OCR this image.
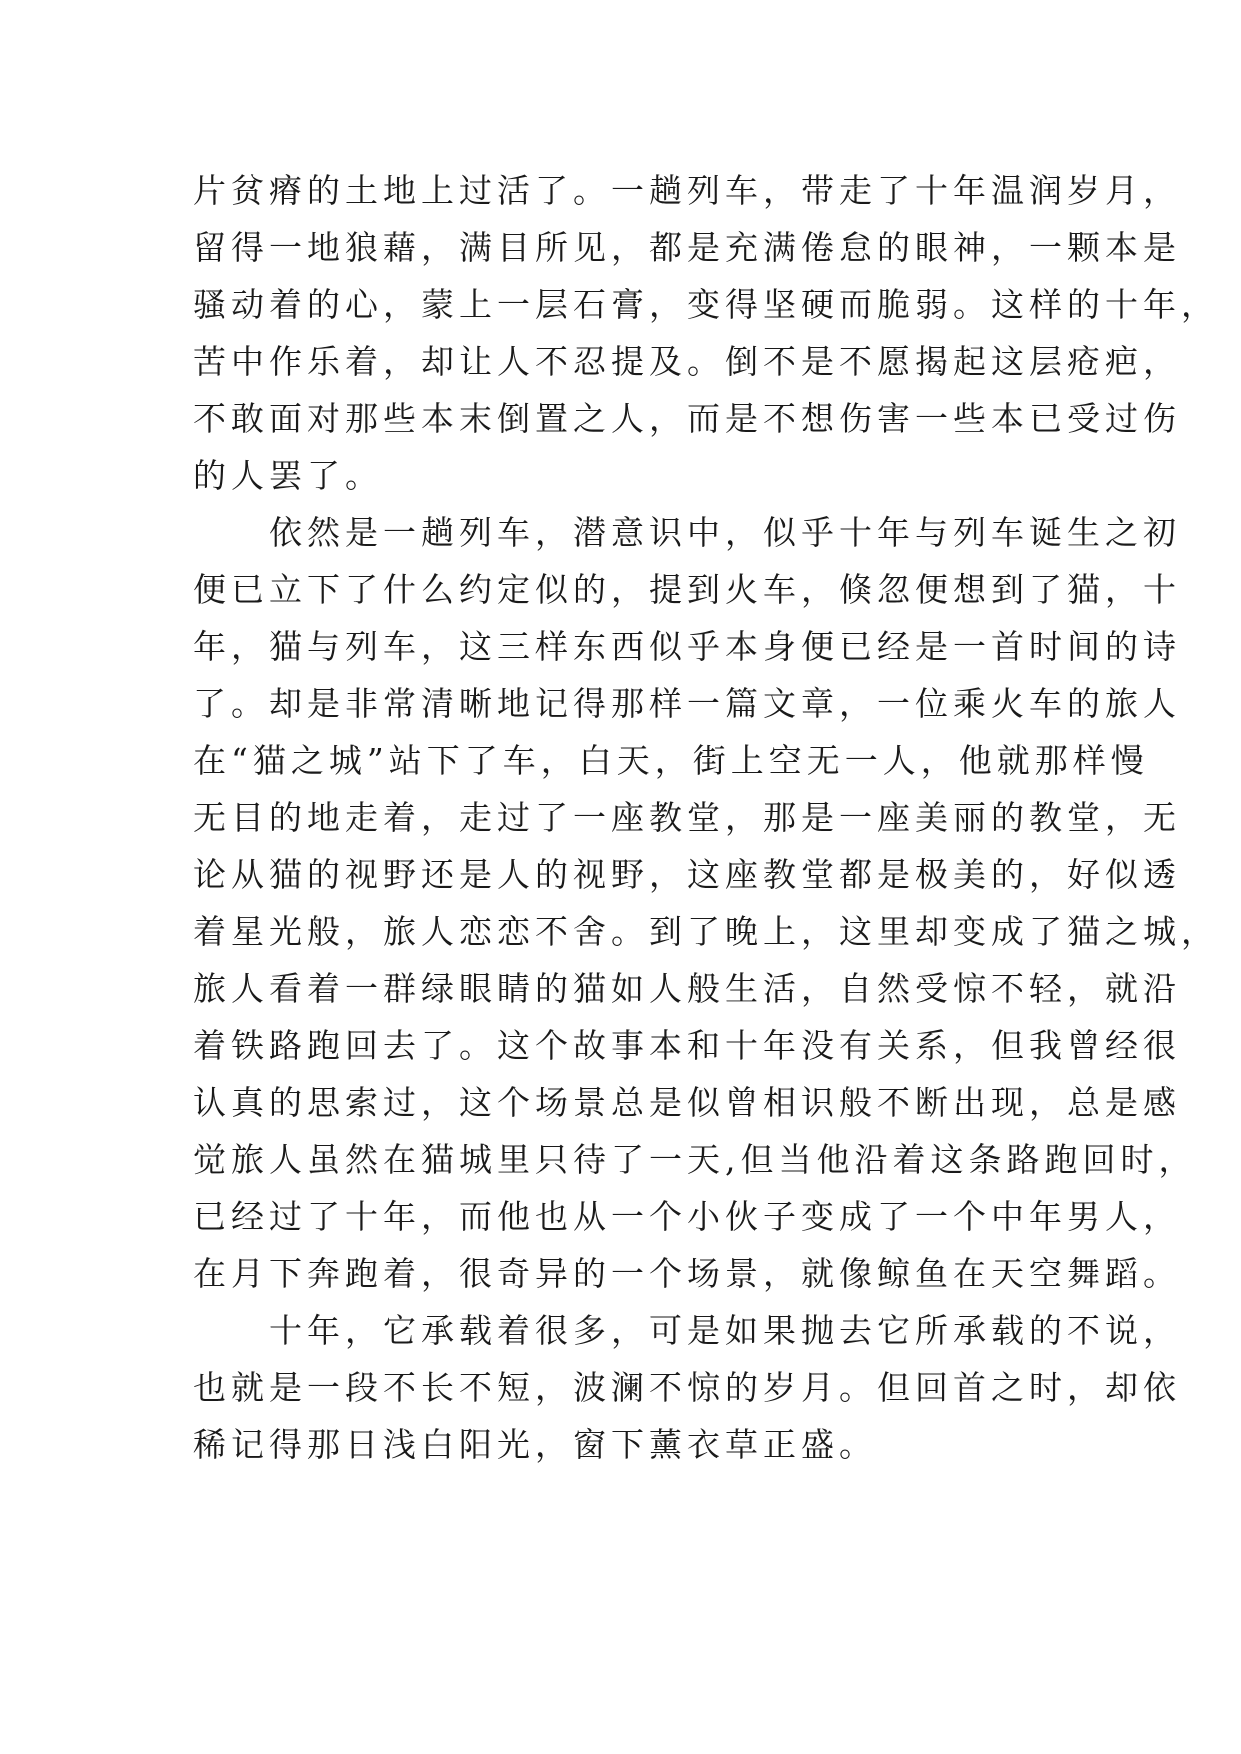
片贫瘠的土地上过活了。一趟列车，带走了十年温润岁月，
留得一地狼藉，满目所见，都是充满倦怠的眼神，一颗本是
骚动着的心，蒙上一层石膏，变得坚硬而脆弱。这样的十年，
苦中作乐着，却让人不忍提及。倒不是不愿揭起这层疮疤，
不敢面对那些本末倒置之人，而是不想伤害一些本已受过伤
的人罢了。
依然是一趟列车，潜意识中，似乎十年与列车诞生之初
便已立下了什么约定似的，提到火车，倏忽便想到了猫，十
年，猫与列车，这三样东西似乎本身便已经是一首时间的诗
了。却是非常清晰地记得那样一篇文章，一位乘火车的旅人
在“猫之城”站下了车，白天，街上空无一人，他就那样慢
无目的地走着，走过了一座教堂，那是一座美丽的教堂，无
论从猫的视野还是人的视野，这座教堂都是极美的，好似透
着星光般，旅人恋恋不舍。到了晚上，这里却变成了猫之城，
旅人看着一群绿眼睛的猫如人般生活，自然受惊不轻，就沿
着铁路跑回去了。这个故事本和十年没有关系，但我曾经很
认真的思索过，这个场景总是似曾相识般不断出现，总是感
觉旅人虽然在猫城里只待了一天,但当他沿着这条路跑回时，
已经过了十年，而他也从一个小伙子变成了一个中年男人，
在月下奔跑着，很奇异的一个场景，就像鲸鱼在天空舞蹈。
十年，它承载着很多，可是如果抛去它所承载的不说，
也就是一段不长不短，波澜不惊的岁月。但回首之时，却依
稀记得那日浅白阳光，窗下薰衣草正盛。
